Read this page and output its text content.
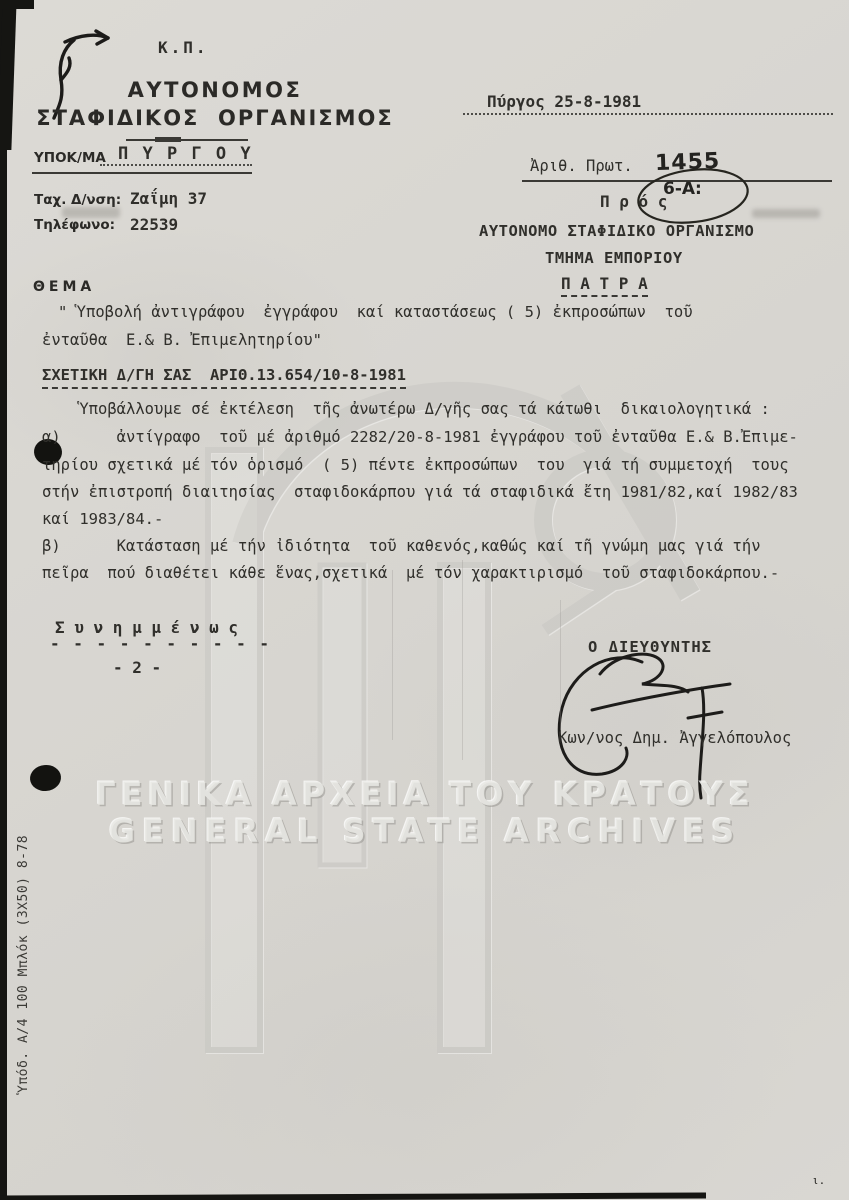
Κ.Π.
ΑΥΤΟΝΟΜΟΣ
ΣΤΑΦΙΔΙΚΟΣ  ΟΡΓΑΝΙΣΜΟΣ
ΥΠΟΚ/ΜΑ Π Υ Ρ Γ Ο Υ
Ταχ. Δ/νση: Ζαΐμη 37
Τηλέφωνο: 22539
Πύργος 25-8-1981
Ἀριθ. Πρωτ. 1455
6-Α:
Π ρ ό ς
ΑΥΤΟΝΟΜΟ ΣΤΑΦΙΔΙΚΟ ΟΡΓΑΝΙΣΜΟ
ΤΜΗΜΑ ΕΜΠΟΡΙΟΥ
Π Α Τ Ρ Α
ΘΕΜΑ
" Ὑποβολή ἀντιγράφου  ἐγγράφου  καί καταστάσεως ( 5) ἐκπροσώπων  τοῦ
ἐνταῦθα  Ε.& Β. Ἐπιμελητηρίου"
ΣΧΕΤΙΚΗ Δ/ΓΗ ΣΑΣ  ΑΡΙΘ.13.654/10-8-1981
Ὑποβάλλουμε σέ ἐκτέλεση  τῆς ἀνωτέρω Δ/γῆς σας τά κάτωθι  δικαιολογητικά :
α)      ἀντίγραφο  τοῦ μέ ἀριθμό 2282/20-8-1981 ἐγγράφου τοῦ ἐνταῦθα Ε.& Β.Ἐπιμε-
τηρίου σχετικά μέ τόν ὁρισμό  ( 5) πέντε ἐκπροσώπων  του  γιά τή συμμετοχή  τους
στήν ἐπιστροπή διαιτησίας  σταφιδοκάρπου γιά τά σταφιδικά ἔτη 1981/82,καί 1982/83
καί 1983/84.-
β)      Κατάσταση μέ τήν ἰδιότητα  τοῦ καθενός,καθώς καί τῆ γνώμη μας γιά τήν
πεῖρα  πού διαθέτει κάθε ἕνας,σχετικά  μέ τόν χαρακτιρισμό  τοῦ σταφιδοκάρπου.-
Σ υ ν η μ μ έ ν ω ς
- - - - - - - - - -
- 2 -
Ο ΔΙΕΥΘΥΝΤΗΣ
Κων/νος Δημ. Ἀγγελόπουλος
ΓΕΝΙΚΑ ΑΡΧΕΙΑ ΤΟΥ ΚΡΑΤΟΥΣ
GENERAL STATE ARCHIVES
Ὑπόδ. Α/4 100 Μπλόκ (3Χ50) 8-78
ι.
